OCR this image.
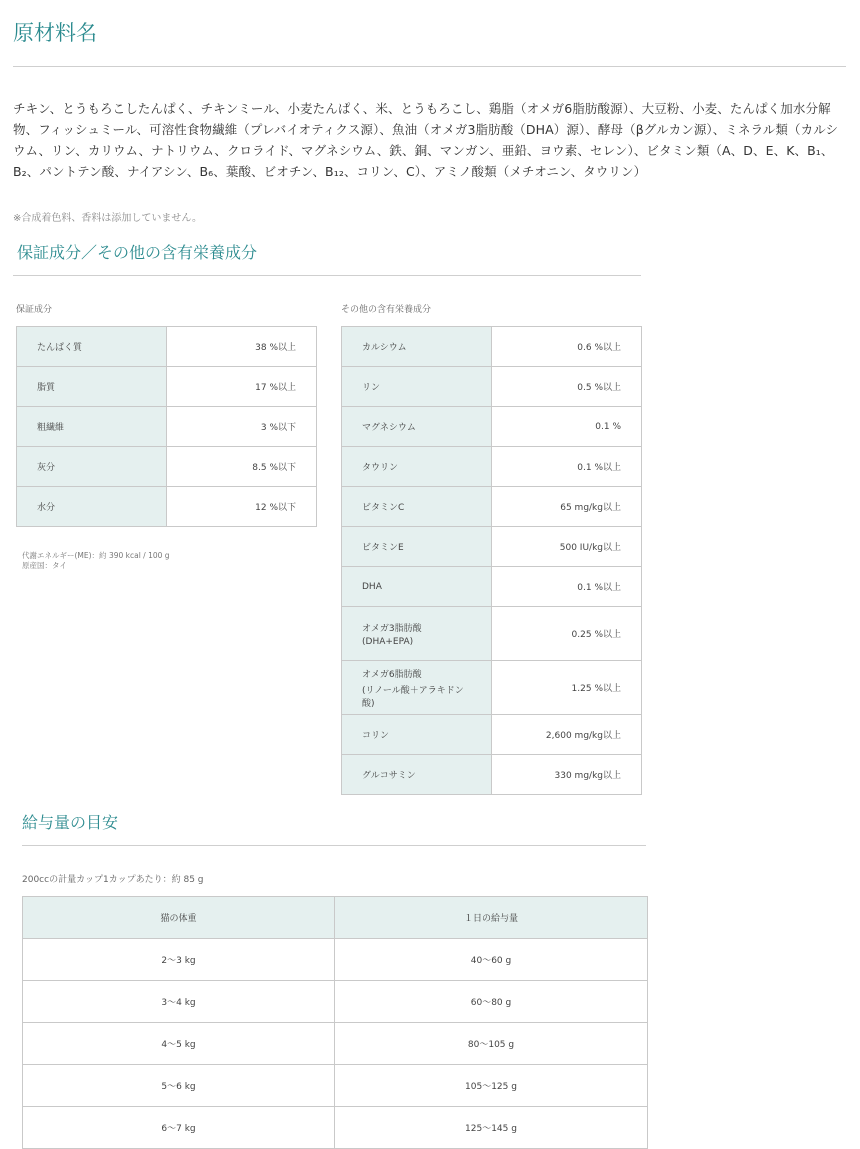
原材料名

チキン、とうもろこしたんぱく、チキンミール、小麦たんぱく、米、とうもろこし、鶏脂（オメガ6脂肪酸源）、大豆粉、小麦、たんぱく加水分解物、フィッシュミール、可溶性食物繊維（プレバイオティクス源）、魚油（オメガ3脂肪酸（DHA）源）、酵母（βグルカン源）、ミネラル類（カルシウム、リン、カリウム、ナトリウム、クロライド、マグネシウム、鉄、銅、マンガン、亜鉛、ヨウ素、セレン）、ビタミン類（A、D、E、K、B₁、B₂、パントテン酸、ナイアシン、B₆、葉酸、ビオチン、B₁₂、コリン、C）、アミノ酸類（メチオニン、タウリン）

※合成着色料、香料は添加していません。
保証成分／その他の含有栄養成分
保証成分
たんぱく質	38 %以上
脂質	17 %以上
粗繊維	3 %以下
灰分	8.5 %以下
水分	12 %以下
代謝エネルギー(ME)：約 390 kcal / 100 g
原産国：タイ
その他の含有栄養成分
カルシウム	0.6 %以上

リン	0.5 %以上

マグネシウム	0.1 %

タウリン	0.1 %以上

ビタミンC	65 mg/kg以上

ビタミンE	500 IU/kg以上

DHA	0.1 %以上

オメガ3脂肪酸
(DHA+EPA)	0.25 %以上

オメガ6脂肪酸
(リノール酸＋アラキドン酸)	1.25 %以上

コリン	2,600 mg/kg以上

グルコサミン	330 mg/kg以上
給与量の目安
200ccの計量カップ1カップあたり：約 85 g
猫の体重	１日の給与量
2〜3 kg	40〜60 g
3〜4 kg	60〜80 g
4〜5 kg	80〜105 g
5〜6 kg	105〜125 g
6〜7 kg	125〜145 g
